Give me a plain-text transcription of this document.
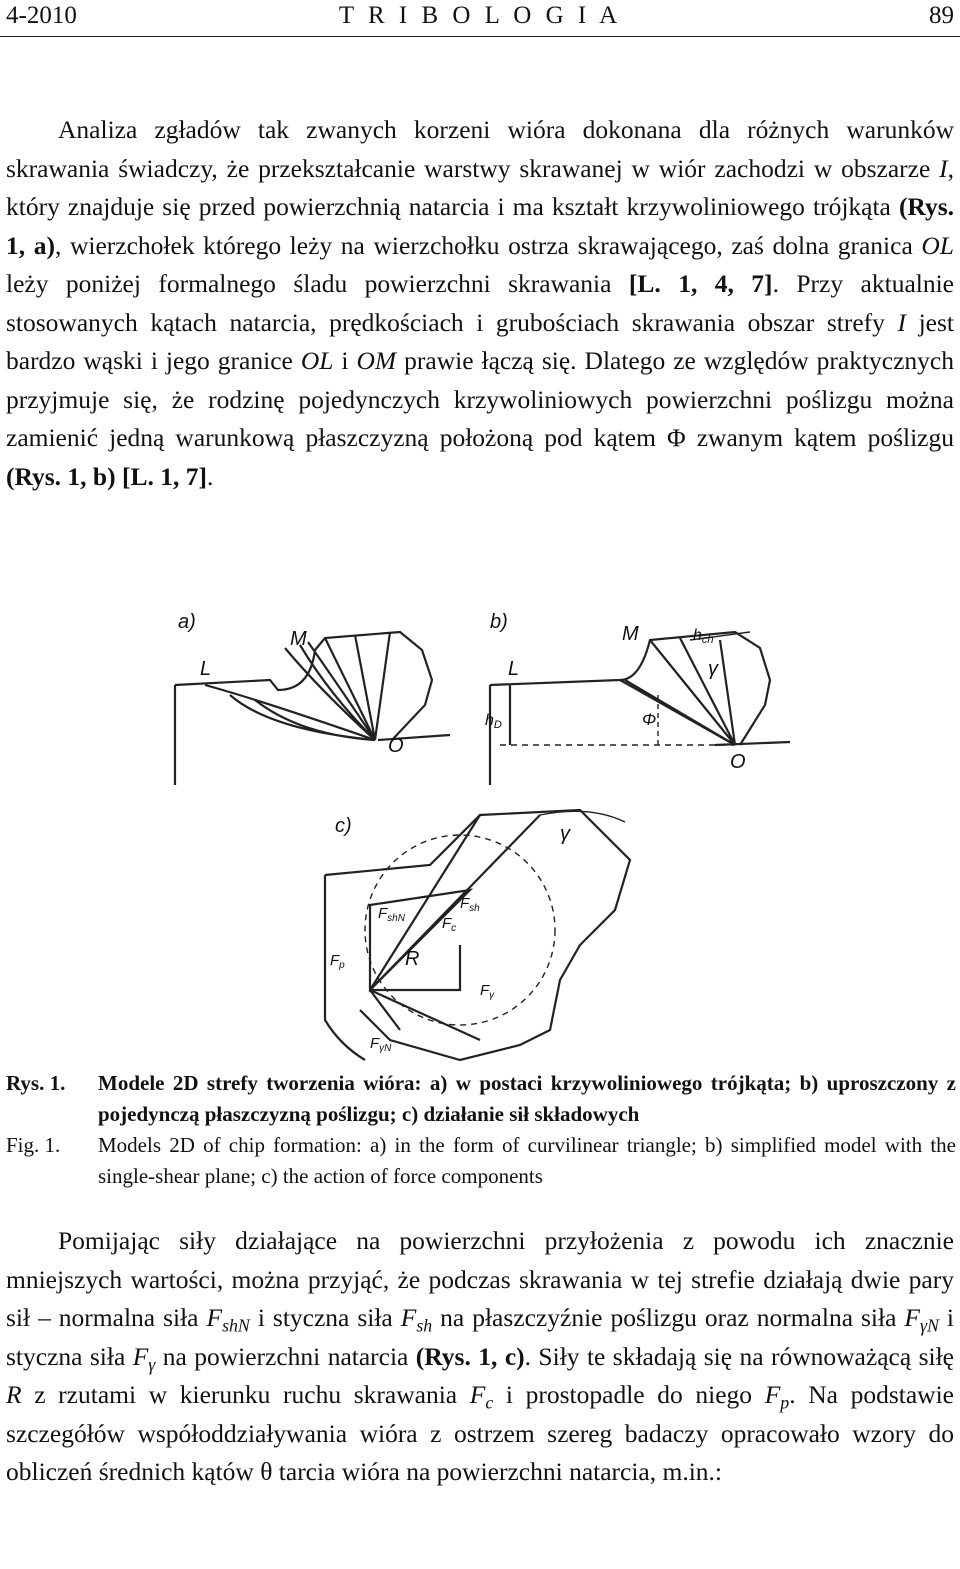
4-2010	T R I B O L O G I A	89

Analiza zgładów tak zwanych korzeni wióra dokonana dla różnych warunków skrawania świadczy, że przekształcanie warstwy skrawanej w wiór zachodzi w obszarze I, który znajduje się przed powierzchnią natarcia i ma kształt krzywoliniowego trójkąta (Rys. 1, a), wierzchołek którego leży na wierzchołku ostrza skrawającego, zaś dolna granica OL leży poniżej formalnego śladu powierzchni skrawania [L. 1, 4, 7]. Przy aktualnie stosowanych kątach natarcia, prędkościach i grubościach skrawania obszar strefy I jest bardzo wąski i jego granice OL i OM prawie łączą się. Dlatego ze względów praktycznych przyjmuje się, że rodzinę pojedynczych krzywoliniowych powierzchni poślizgu można zamienić jedną warunkową płaszczyzną położoną pod kątem Φ zwanym kątem poślizgu (Rys. 1, b) [L. 1, 7].

a)	b)
c)
M
L
O
M
L
O
hch
hD
γ
Φ
γ
$F_{shN}$
$F_{sh}$
$F_c$
R
$F_\gamma$
$F_{\gamma N}$
$F_p$
Rys. 1.	Modele 2D strefy tworzenia wióra: a) w postaci krzywoliniowego trójkąta; b) uproszczony z pojedynczą płaszczyzną poślizgu; c) działanie sił składowych
Fig. 1.	Models 2D of chip formation: a) in the form of curvilinear triangle; b) simplified model with the single-shear plane; c) the action of force components

Pomijając siły działające na powierzchni przyłożenia z powodu ich znacznie mniejszych wartości, można przyjąć, że podczas skrawania w tej strefie działają dwie pary sił – normalna siła $F_{shN}$ i styczna siła $F_{sh}$ na płaszczyźnie poślizgu oraz normalna siła $F_{\gamma N}$ i styczna siła $F_\gamma$ na powierzchni natarcia (Rys. 1, c). Siły te składają się na równoważącą siłę R z rzutami w kierunku ruchu skrawania $F_c$ i prostopadle do niego $F_p$. Na podstawie szczegółów współoddziaływania wióra z ostrzem szereg badaczy opracowało wzory do obliczeń średnich kątów θ tarcia wióra na powierzchni natarcia, m.in.:
